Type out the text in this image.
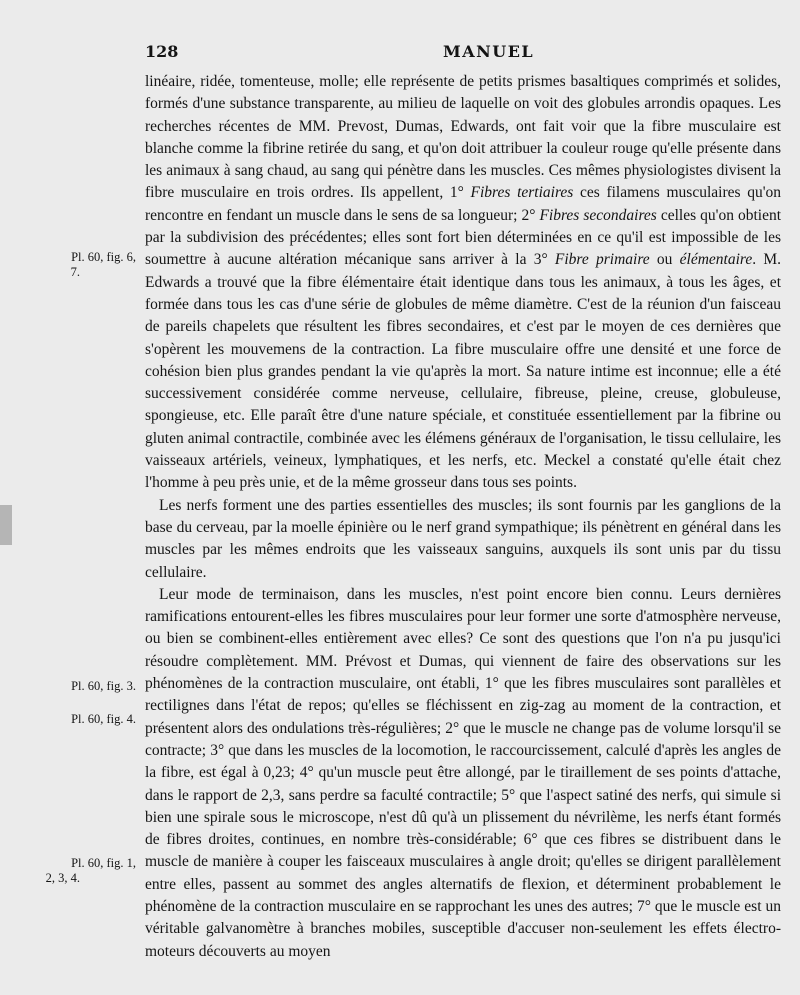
128	MANUEL
Pl. 60, fig. 6,
7.
Pl. 60, fig. 3.
Pl. 60, fig. 4.
Pl. 60, fig. 1,
2, 3, 4.

linéaire, ridée, tomenteuse, molle; elle représente de petits prismes basaltiques comprimés et solides, formés d'une substance transparente, au milieu de laquelle on voit des globules arrondis opaques. Les recherches récentes de MM. Prevost, Dumas, Edwards, ont fait voir que la fibre musculaire est blanche comme la fibrine retirée du sang, et qu'on doit attribuer la couleur rouge qu'elle présente dans les animaux à sang chaud, au sang qui pénètre dans les muscles. Ces mêmes physiologistes divisent la fibre musculaire en trois ordres. Ils appellent, 1° Fibres tertiaires ces filamens musculaires qu'on rencontre en fendant un muscle dans le sens de sa longueur; 2° Fibres secondaires celles qu'on obtient par la subdivision des précédentes; elles sont fort bien déterminées en ce qu'il est impossible de les soumettre à aucune altération mécanique sans arriver à la 3° Fibre primaire ou élémentaire. M. Edwards a trouvé que la fibre élémentaire était identique dans tous les animaux, à tous les âges, et formée dans tous les cas d'une série de globules de même diamètre. C'est de la réunion d'un faisceau de pareils chapelets que résultent les fibres secondaires, et c'est par le moyen de ces dernières que s'opèrent les mouvemens de la contraction. La fibre musculaire offre une densité et une force de cohésion bien plus grandes pendant la vie qu'après la mort. Sa nature intime est inconnue; elle a été successivement considérée comme nerveuse, cellulaire, fibreuse, pleine, creuse, globuleuse, spongieuse, etc. Elle paraît être d'une nature spéciale, et constituée essentiellement par la fibrine ou gluten animal contractile, combinée avec les élémens généraux de l'organisation, le tissu cellulaire, les vaisseaux artériels, veineux, lymphatiques, et les nerfs, etc. Meckel a constaté qu'elle était chez l'homme à peu près unie, et de la même grosseur dans tous ses points.

Les nerfs forment une des parties essentielles des muscles; ils sont fournis par les ganglions de la base du cerveau, par la moelle épinière ou le nerf grand sympathique; ils pénètrent en général dans les muscles par les mêmes endroits que les vaisseaux sanguins, auxquels ils sont unis par du tissu cellulaire.

Leur mode de terminaison, dans les muscles, n'est point encore bien connu. Leurs dernières ramifications entourent-elles les fibres musculaires pour leur former une sorte d'atmosphère nerveuse, ou bien se combinent-elles entièrement avec elles? Ce sont des questions que l'on n'a pu jusqu'ici résoudre complètement. MM. Prévost et Dumas, qui viennent de faire des observations sur les phénomènes de la contraction musculaire, ont établi, 1° que les fibres musculaires sont parallèles et rectilignes dans l'état de repos; qu'elles se fléchissent en zig-zag au moment de la contraction, et présentent alors des ondulations très-régulières; 2° que le muscle ne change pas de volume lorsqu'il se contracte; 3° que dans les muscles de la locomotion, le raccourcissement, calculé d'après les angles de la fibre, est égal à 0,23; 4° qu'un muscle peut être allongé, par le tiraillement de ses points d'attache, dans le rapport de 2,3, sans perdre sa faculté contractile; 5° que l'aspect satiné des nerfs, qui simule si bien une spirale sous le microscope, n'est dû qu'à un plissement du névrilème, les nerfs étant formés de fibres droites, continues, en nombre très-considérable; 6° que ces fibres se distribuent dans le muscle de manière à couper les faisceaux musculaires à angle droit; qu'elles se dirigent parallèlement entre elles, passent au sommet des angles alternatifs de flexion, et déterminent probablement le phénomène de la contraction musculaire en se rapprochant les unes des autres; 7° que le muscle est un véritable galvanomètre à branches mobiles, susceptible d'accuser non-seulement les effets électro-moteurs découverts au moyen
